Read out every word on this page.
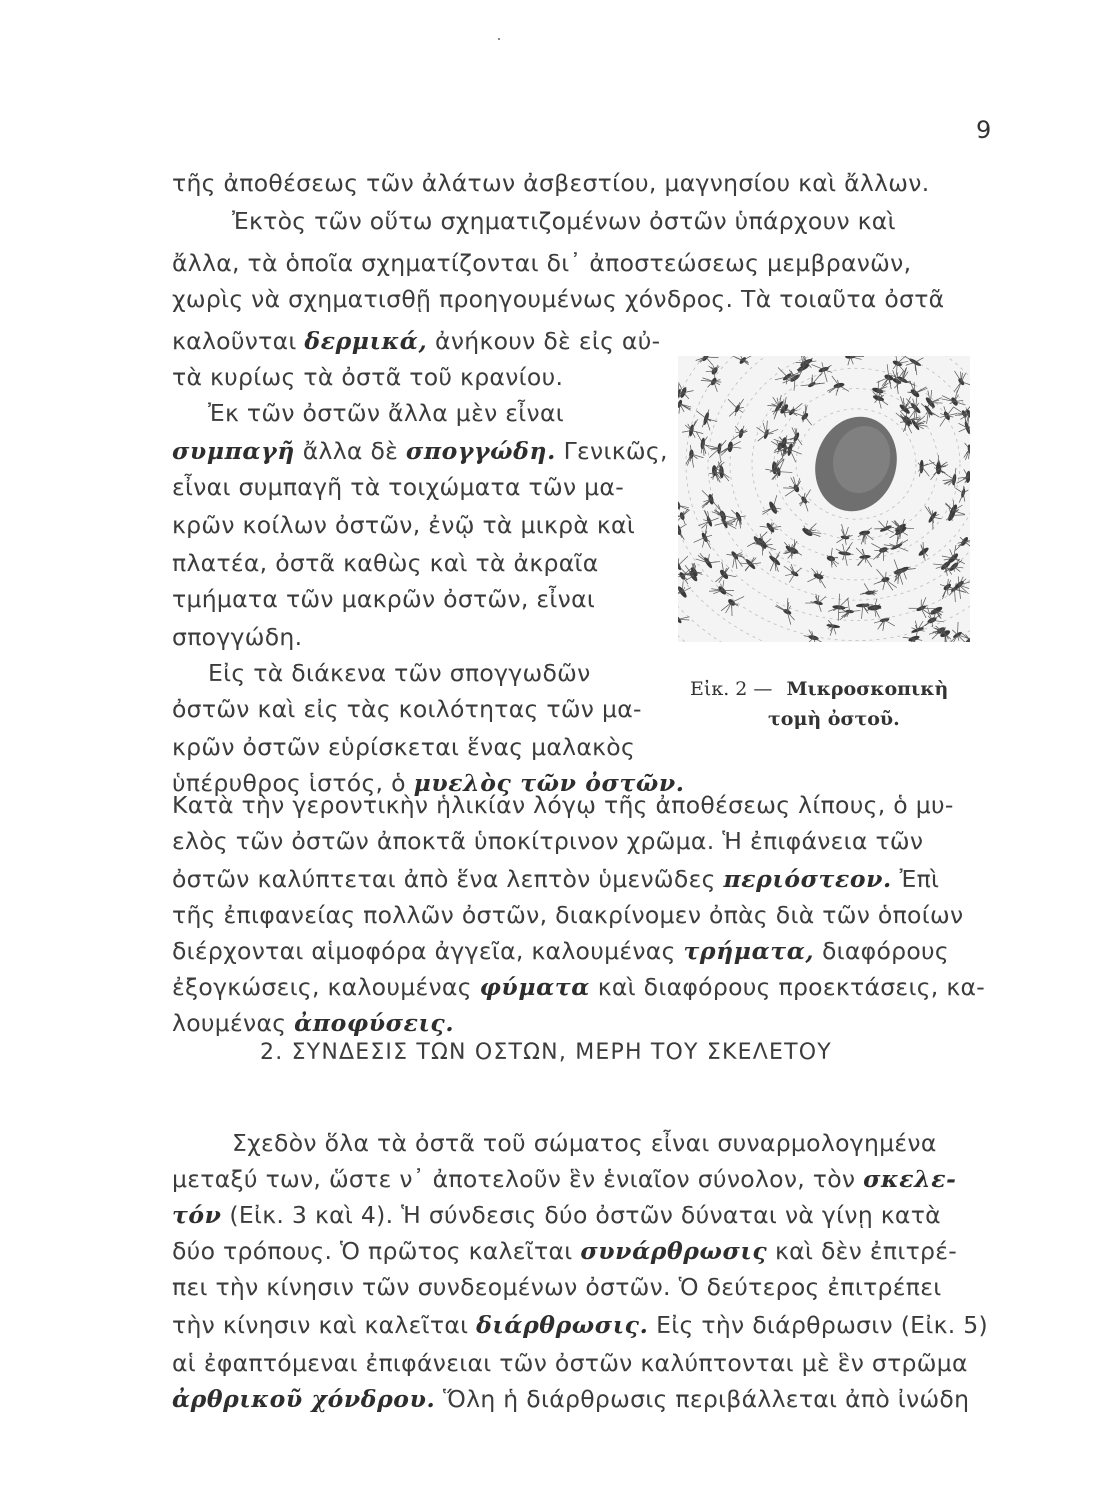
9
τῆς ἀποθέσεως τῶν ἀλάτων ἀσβεστίου, μαγνησίου καὶ ἄλλων.
Ἐκτὸς τῶν οὕτω σχηματιζομένων ὀστῶν ὑπάρχουν καὶ
ἄλλα, τὰ ὁποῖα σχηματίζονται δι᾽ ἀποστεώσεως μεμβρανῶν,
χωρὶς νὰ σχηματισθῇ προηγουμένως χόνδρος. Τὰ τοιαῦτα ὀστᾶ
καλοῦνται δερμικά, ἀνήκουν δὲ εἰς αὐ-
τὰ κυρίως τὰ ὀστᾶ τοῦ κρανίου.
Ἐκ τῶν ὀστῶν ἄλλα μὲν εἶναι
συμπαγῆ ἄλλα δὲ σπογγώδη. Γενικῶς,
εἶναι συμπαγῆ τὰ τοιχώματα τῶν μα-
κρῶν κοίλων ὀστῶν, ἐνῷ τὰ μικρὰ καὶ
πλατέα, ὀστᾶ καθὼς καὶ τὰ ἀκραῖα
τμήματα τῶν μακρῶν ὀστῶν, εἶναι
σπογγώδη.
Εἰς τὰ διάκενα τῶν σπογγωδῶν
ὀστῶν καὶ εἰς τὰς κοιλότητας τῶν μα-
κρῶν ὀστῶν εὑρίσκεται ἕνας μαλακὸς
ὑπέρυθρος ἱστός, ὁ μυελὸς τῶν ὀστῶν.
Κατὰ τὴν γεροντικὴν ἡλικίαν λόγῳ τῆς ἀποθέσεως λίπους, ὁ μυ-
ελὸς τῶν ὀστῶν ἀποκτᾶ ὑποκίτρινον χρῶμα. Ἡ ἐπιφάνεια τῶν
ὀστῶν καλύπτεται ἀπὸ ἕνα λεπτὸν ὑμενῶδες περιόστεον. Ἐπὶ
τῆς ἐπιφανείας πολλῶν ὀστῶν, διακρίνομεν ὀπὰς διὰ τῶν ὁποίων
διέρχονται αἱμοφόρα ἀγγεῖα, καλουμένας τρήματα, διαφόρους
ἐξογκώσεις, καλουμένας φύματα καὶ διαφόρους προεκτάσεις, κα-
λουμένας ἀποφύσεις.
Σχεδὸν ὅλα τὰ ὀστᾶ τοῦ σώματος εἶναι συναρμολογημένα
μεταξύ των, ὥστε ν᾽ ἀποτελοῦν ἓν ἑνιαῖον σύνολον, τὸν σκελε-
τόν (Εἰκ. 3 καὶ 4). Ἡ σύνδεσις δύο ὀστῶν δύναται νὰ γίνῃ κατὰ
δύο τρόπους. Ὁ πρῶτος καλεῖται συνάρθρωσις καὶ δὲν ἐπιτρέ-
πει τὴν κίνησιν τῶν συνδεομένων ὀστῶν. Ὁ δεύτερος ἐπιτρέπει
τὴν κίνησιν καὶ καλεῖται διάρθρωσις. Εἰς τὴν διάρθρωσιν (Εἰκ. 5)
αἱ ἐφαπτόμεναι ἐπιφάνειαι τῶν ὀστῶν καλύπτονται μὲ ἓν στρῶμα
ἀρθρικοῦ χόνδρου. Ὅλη ἡ διάρθρωσις περιβάλλεται ἀπὸ ἰνώδη
Εἰκ. 2 — Μικροσκοπικὴ
τομὴ ὀστοῦ.
2. ΣΥΝΔΕΣΙΣ ΤΩΝ ΟΣΤΩΝ, ΜΕΡΗ ΤΟΥ ΣΚΕΛΕΤΟΥ
